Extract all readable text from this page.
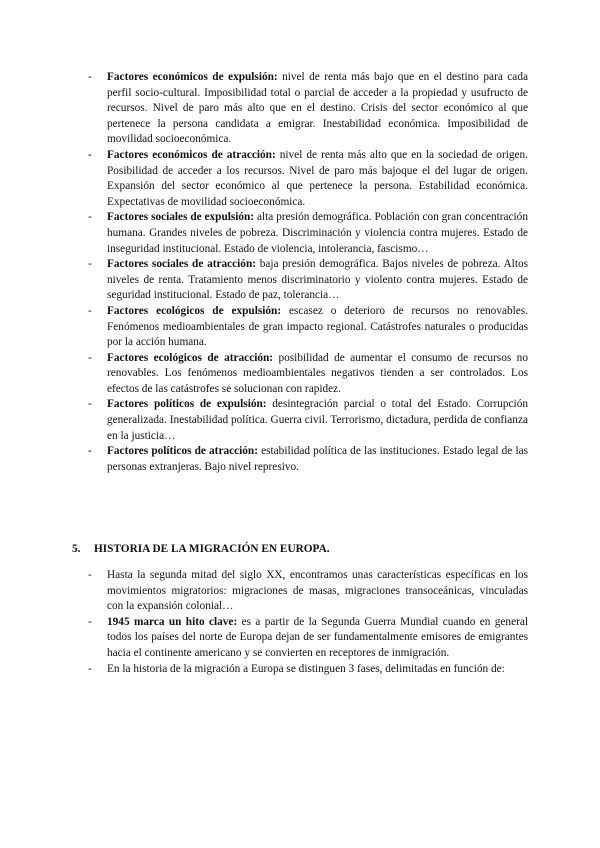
- Factores económicos de expulsión: nivel de renta más bajo que en el destino para cada perfil socio-cultural. Imposibilidad total o parcial de acceder a la propiedad y usufructo de recursos. Nivel de paro más alto que en el destino. Crisis del sector económico al que pertenece la persona candidata a emigrar. Inestabilidad económica. Imposibilidad de movilidad socioeconómica.
- Factores económicos de atracción: nivel de renta más alto que en la sociedad de origen. Posibilidad de acceder a los recursos. Nivel de paro más bajoque el del lugar de origen. Expansión del sector económico al que pertenece la persona. Estabilidad económica. Expectativas de movilidad socioeconómica.
- Factores sociales de expulsión: alta presión demográfica. Población con gran concentración humana. Grandes niveles de pobreza. Discriminación y violencia contra mujeres. Estado de inseguridad institucional. Estado de violencia, intolerancia, fascismo…
- Factores sociales de atracción: baja presión demográfica. Bajos niveles de pobreza. Altos niveles de renta. Tratamiento menos discriminatorio y violento contra mujeres. Estado de seguridad institucional. Estado de paz, tolerancia…
- Factores ecológicos de expulsión: escasez o deterioro de recursos no renovables. Fenómenos medioambientales de gran impacto regional. Catástrofes naturales o producidas por la acción humana.
- Factores ecológicos de atracción: posibilidad de aumentar el consumo de recursos no renovables. Los fenómenos medioambientales negativos tienden a ser controlados. Los efectos de las catástrofes se solucionan con rapidez.
- Factores políticos de expulsión: desintegración parcial o total del Estado. Corrupción generalizada. Inestabilidad política. Guerra civil. Terrorismo, dictadura, perdida de confianza en la justicia…
- Factores políticos de atracción: estabilidad política de las instituciones. Estado legal de las personas extranjeras. Bajo nivel represivo.
5. HISTORIA DE LA MIGRACIÓN EN EUROPA.
- Hasta la segunda mitad del siglo XX, encontramos unas características específicas en los movimientos migratorios: migraciones de masas, migraciones transoceánicas, vinculadas con la expansión colonial…
- 1945 marca un hito clave: es a partir de la Segunda Guerra Mundial cuando en general todos los países del norte de Europa dejan de ser fundamentalmente emisores de emigrantes hacia el continente americano y se convierten en receptores de inmigración.
- En la historia de la migración a Europa se distinguen 3 fases, delimitadas en función de:
